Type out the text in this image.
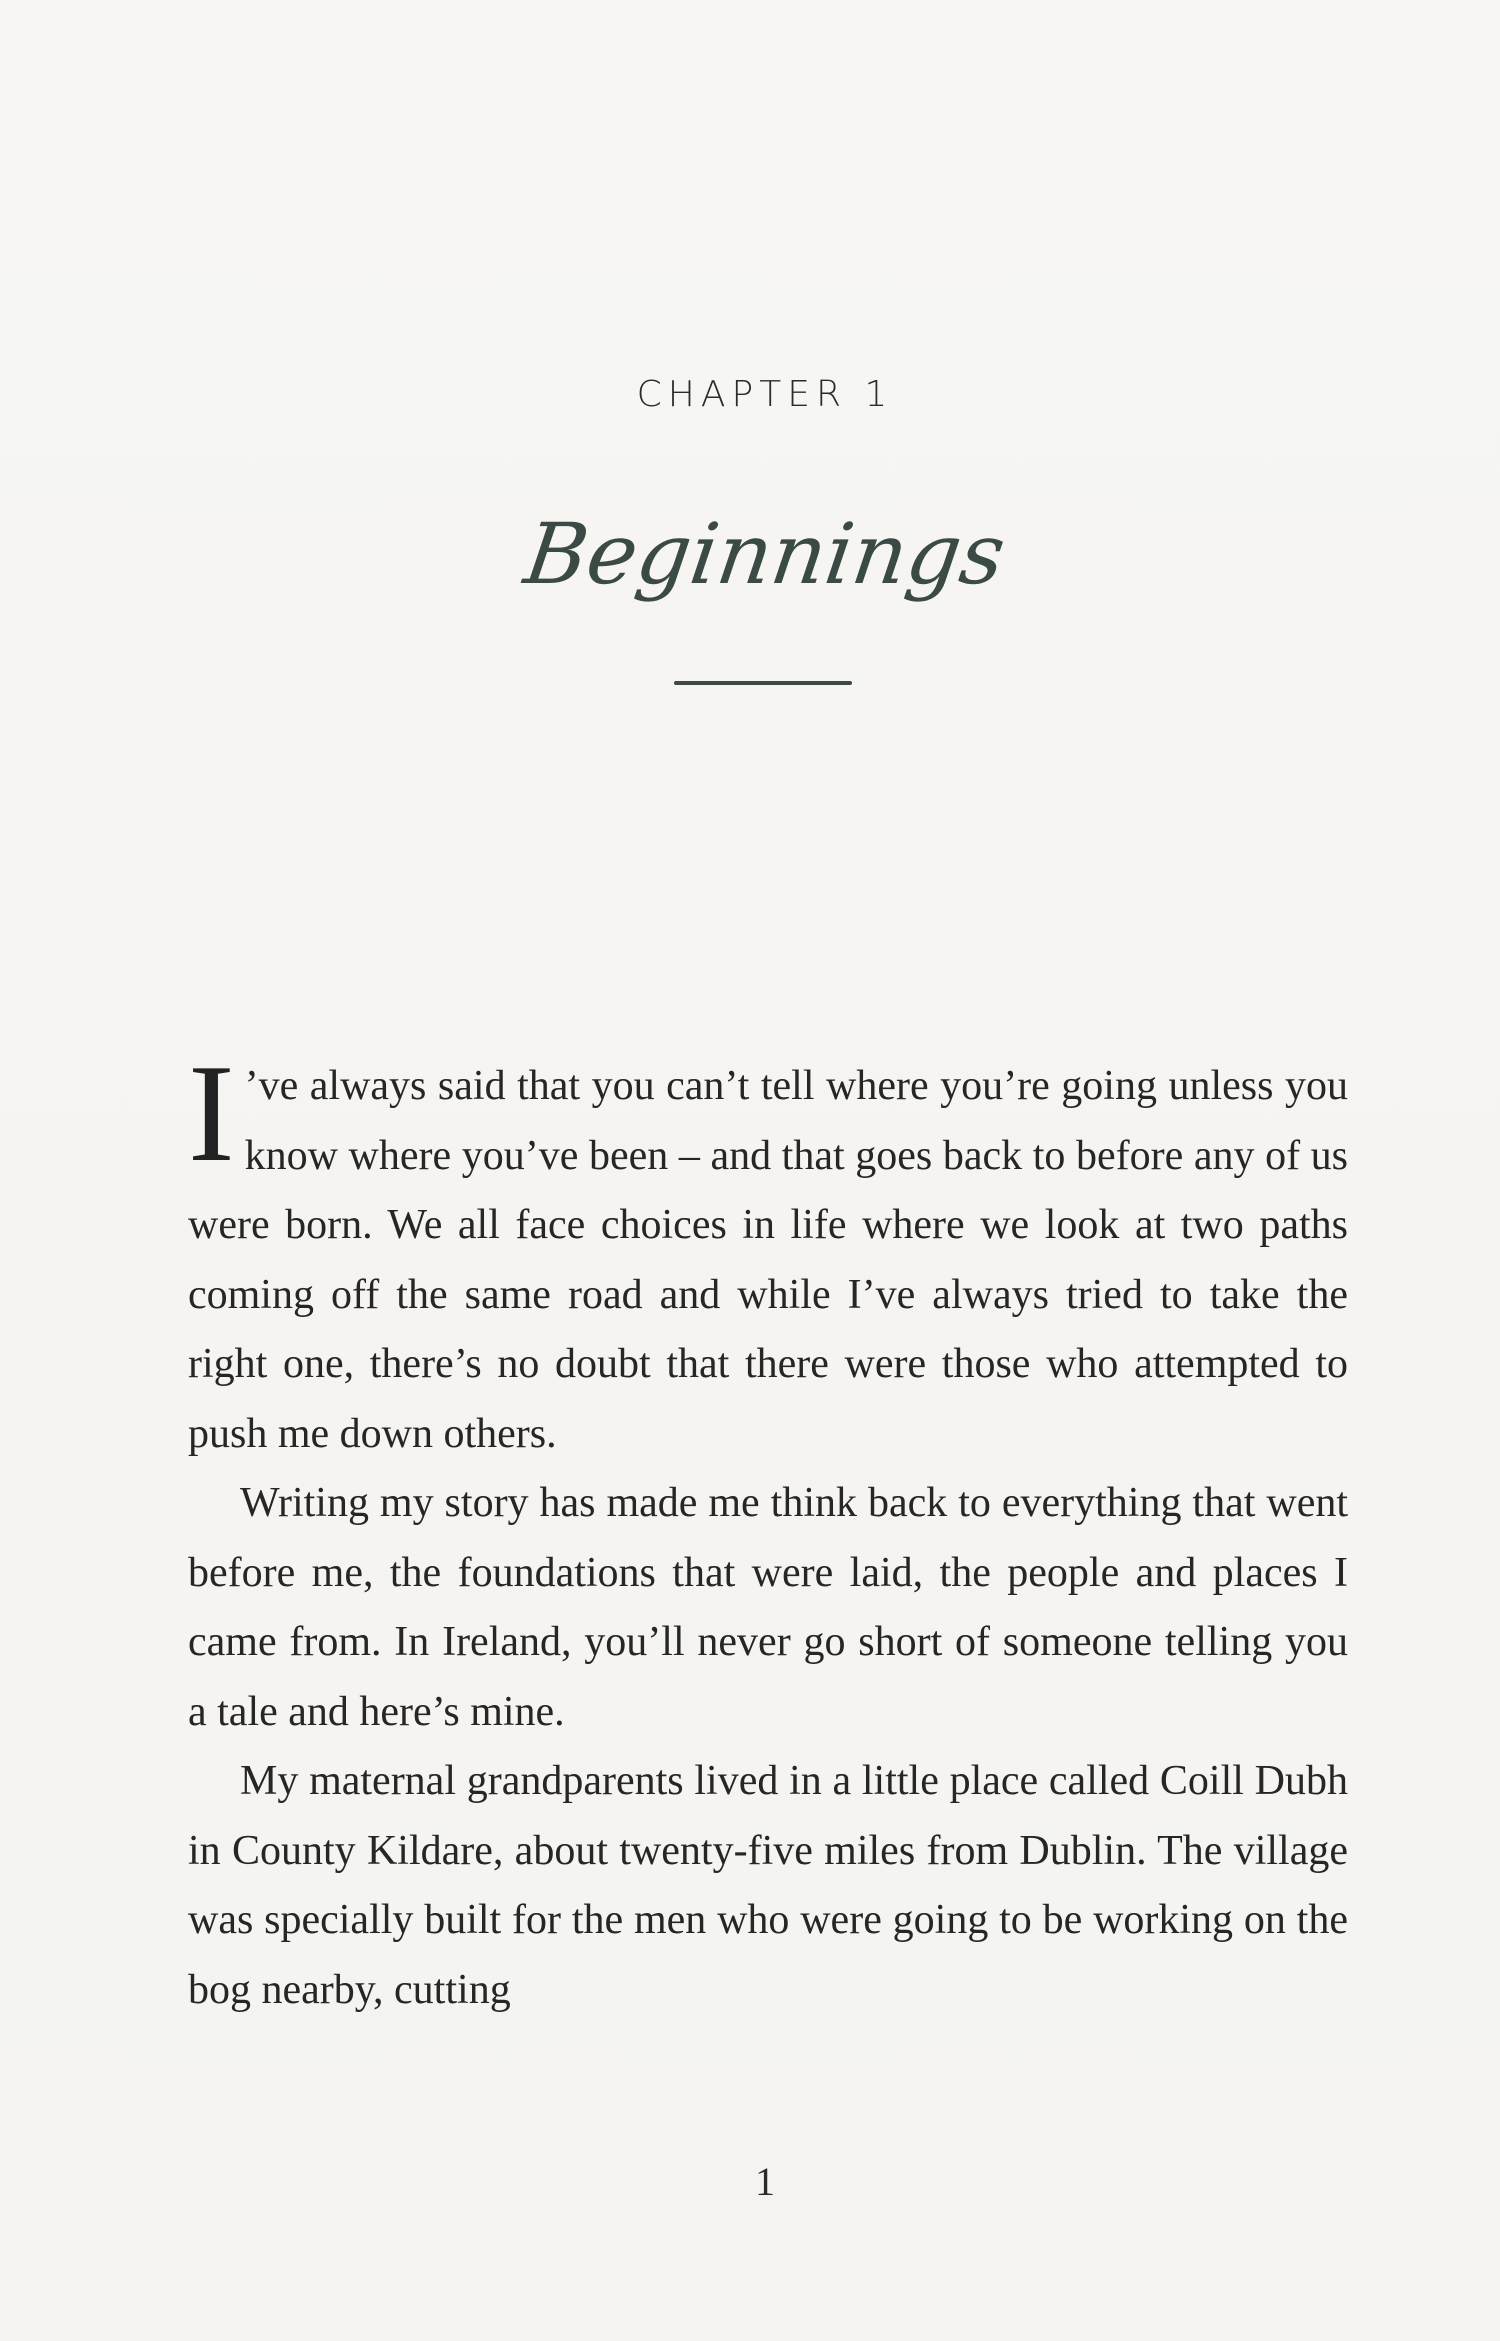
CHAPTER 1
Beginnings

I ’ve always said that you can’t tell where you’re going unless you know where you’ve been – and that goes back to before any of us were born. We all face choices in life where we look at two paths coming off the same road and while I’ve always tried to take the right one, there’s no doubt that there were those who attempted to push me down others.

Writing my story has made me think back to everything that went before me, the foundations that were laid, the people and places I came from. In Ireland, you’ll never go short of someone telling you a tale and here’s mine.

My maternal grandparents lived in a little place called Coill Dubh in County Kildare, about twenty-five miles from Dublin. The village was specially built for the men who were going to be working on the bog nearby, cutting

1
